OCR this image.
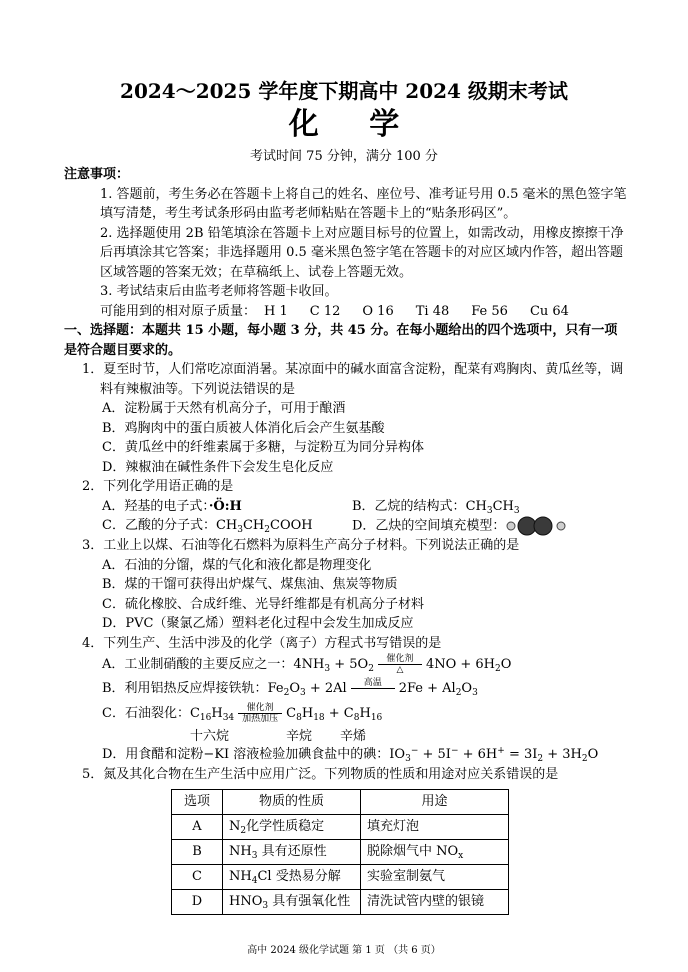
2024～2025 学年度下期高中 2024 级期末考试
化 学
考试时间 75 分钟，满分 100 分
注意事项：
1. 答题前，考生务必在答题卡上将自己的姓名、座位号、准考证号用 0.5 毫米的黑色签字笔填写清楚，考生考试条形码由监考老师粘贴在答题卡上的“贴条形码区”。
2. 选择题使用 2B 铅笔填涂在答题卡上对应题目标号的位置上，如需改动，用橡皮擦擦干净后再填涂其它答案；非选择题用 0.5 毫米黑色签字笔在答题卡的对应区域内作答，超出答题区域答题的答案无效；在草稿纸上、试卷上答题无效。
3. 考试结束后由监考老师将答题卡收回。
可能用到的相对原子质量： H 1 C 12 O 16 Ti 48 Fe 56 Cu 64
一、选择题：本题共 15 小题，每小题 3 分，共 45 分。在每小题给出的四个选项中，只有一项是符合题目要求的。
1．夏至时节，人们常吃凉面消暑。某凉面中的碱水面富含淀粉，配菜有鸡胸肉、黄瓜丝等，调料有辣椒油等。下列说法错误的是
A．淀粉属于天然有机高分子，可用于酿酒
B．鸡胸肉中的蛋白质被人体消化后会产生氨基酸
C．黄瓜丝中的纤维素属于多糖，与淀粉互为同分异构体
D．辣椒油在碱性条件下会发生皂化反应
2．下列化学用语正确的是
A．羟基的电子式：·Ö:H	B．乙烷的结构式：$CH_3CH_3$
C．乙酸的分子式：$CH_3CH_2COOH$	D．乙炔的空间填充模型：
3．工业上以煤、石油等化石燃料为原料生产高分子材料。下列说法正确的是
A．石油的分馏，煤的气化和液化都是物理变化
B．煤的干馏可获得出炉煤气、煤焦油、焦炭等物质
C．硫化橡胶、合成纤维、光导纤维都是有机高分子材料
D．PVC（聚氯乙烯）塑料老化过程中会发生加成反应
4．下列生产、生活中涉及的化学（离子）方程式书写错误的是
A．工业制硝酸的主要反应之一：$4NH_3 + 5O_2$
催化剂
△	$4NO + 6H_2O$
B．利用铝热反应焊接铁轨：$Fe_2O_3 + 2Al$	高温	$2Fe + Al_2O_3$
C．石油裂化：$C_{16}H_{34}$
催化剂
加热加压 $C_8H_{18} + C_8H_{16}$
十六烷	辛烷 辛烯
D．用食醋和淀粉−KI 溶液检验加碘食盐中的碘：$IO_3^- + 5I^- + 6H^+ = 3I_2 + 3H_2O$
5．氮及其化合物在生产生活中应用广泛。下列物质的性质和用途对应关系错误的是
选项	物质的性质	用途
A	$N_2$化学性质稳定	填充灯泡
B	$NH_3$ 具有还原性	脱除烟气中 $NO_x$
C	$NH_4Cl$ 受热易分解	实验室制氨气
D	$HNO_3$ 具有强氧化性	清洗试管内壁的银镜
高中 2024 级化学试题 第 1 页 （共 6 页）
